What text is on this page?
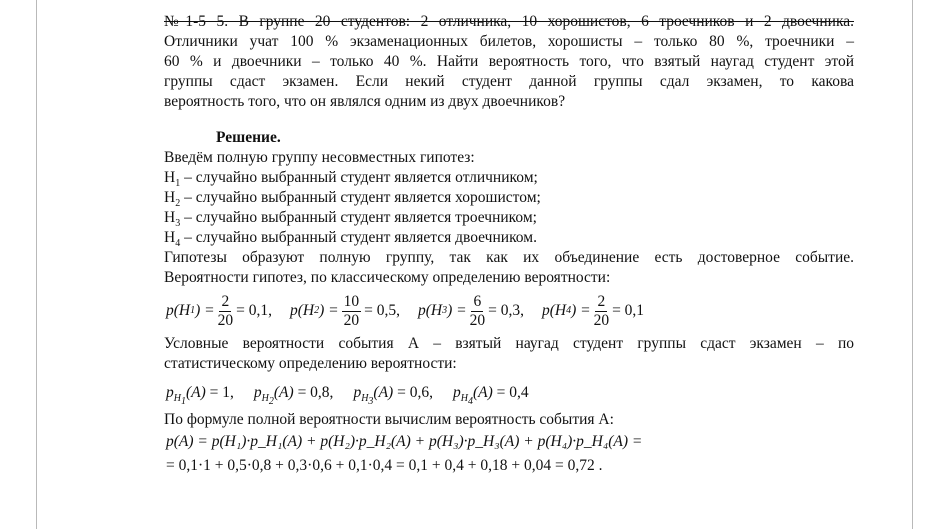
№1-5 5. В группе 20 студентов: 2 отличника, 10 хорошистов, 6 троечников и 2 двоечника.
Отличники учат 100 % экзаменационных билетов, хорошисты – только 80 %, троечники –
60 % и двоечники – только 40 %. Найти вероятность того, что взятый наугад студент этой
группы сдаст экзамен. Если некий студент данной группы сдал экзамен, то какова
вероятность того, что он являлся одним из двух двоечников?
Решение.
Введём полную группу несовместных гипотез:
$H_1$ – случайно выбранный студент является отличником;
$H_2$ – случайно выбранный студент является хорошистом;
$H_3$ – случайно выбранный студент является троечником;
$H_4$ – случайно выбранный студент является двоечником.
Гипотезы образуют полную группу, так как их объединение есть достоверное событие.
Вероятности гипотез, по классическому определению вероятности:
p(H 1 ) = $\frac{2}{20} = 0,1$, p(H 2 ) = $\frac{10}{20} = 0,5$, p(H 3 ) = $\frac{6}{20} = 0,3$, p(H 4 ) = $\frac{2}{20} = 0,1$
Условные вероятности события А – взятый наугад студент группы сдаст экзамен – по
статистическому определению вероятности:
$p_{H_1}(A) = 1$, $p_{H_2}(A) = 0,8$, $p_{H_3}(A) = 0,6$, $p_{H_4}(A) = 0,4$
По формуле полной вероятности вычислим вероятность события А:
p(A) = p(H₁)·p_H₁(A) + p(H₂)·p_H₂(A) + p(H₃)·p_H₃(A) + p(H₄)·p_H₄(A) =
= 0,1·1 + 0,5·0,8 + 0,3·0,6 + 0,1·0,4 = 0,1 + 0,4 + 0,18 + 0,04 = 0,72 .
